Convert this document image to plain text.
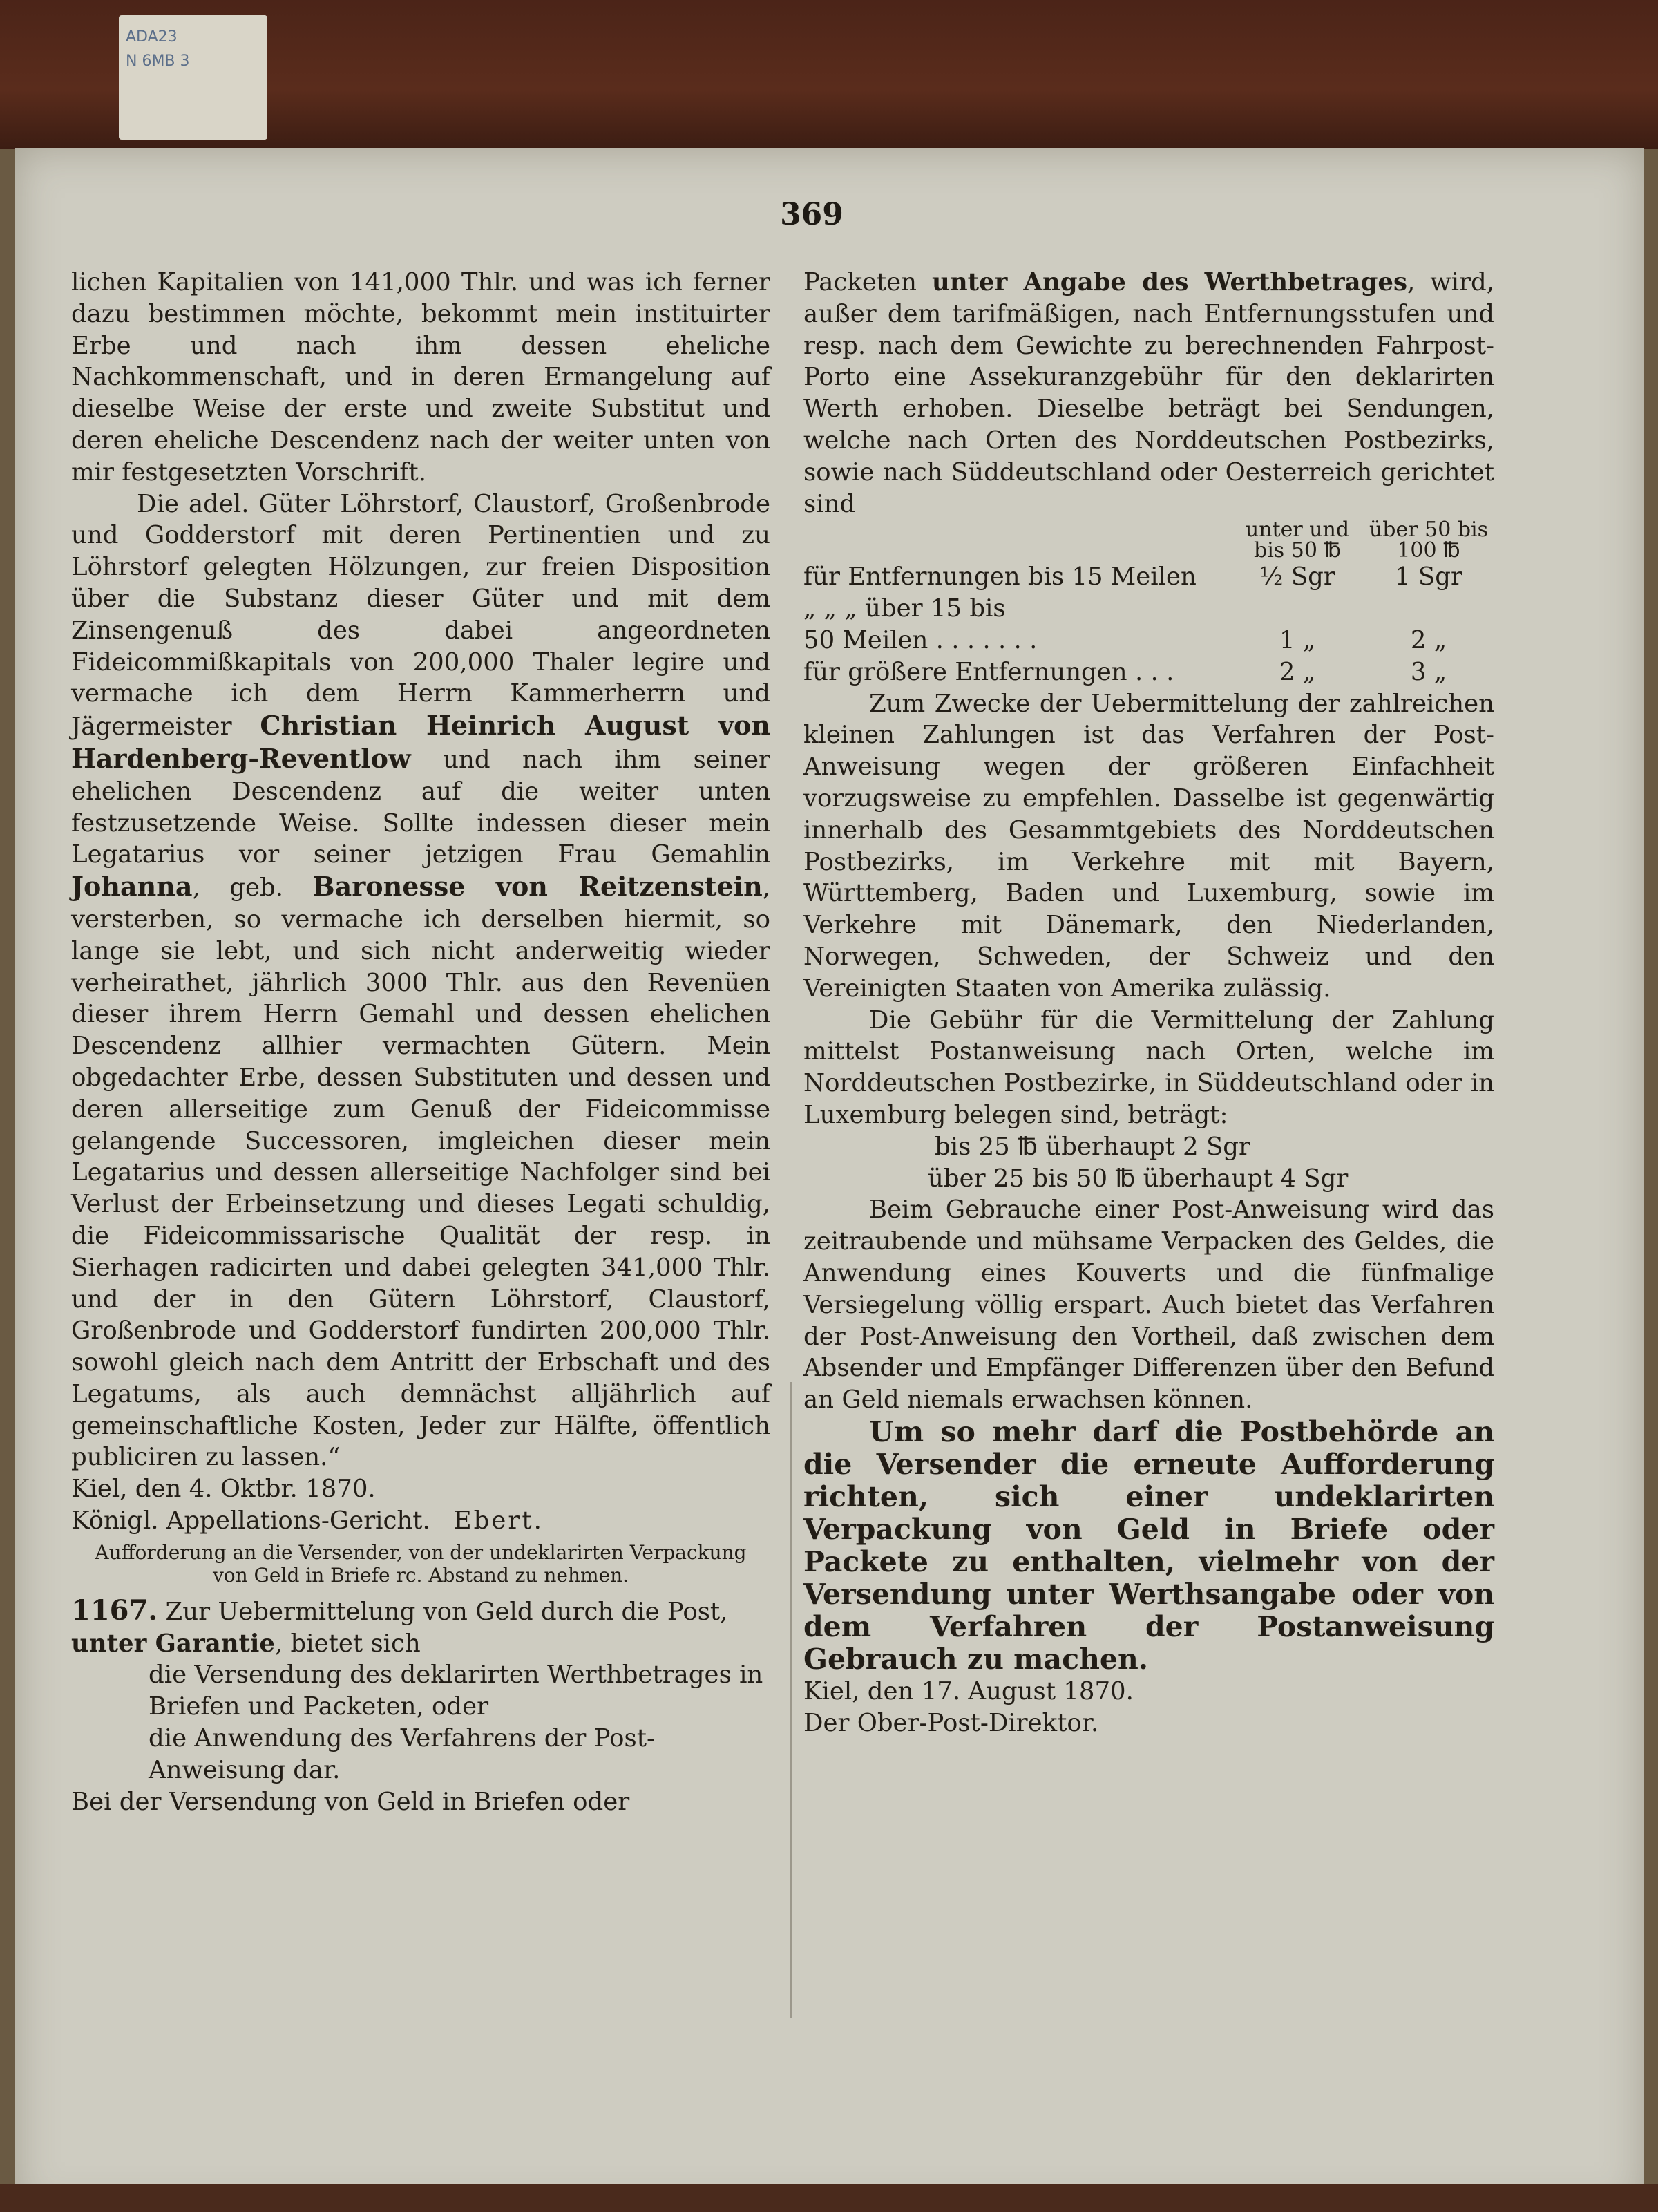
ADA23
N 6MB 3
369

lichen Kapitalien von 141,000 Thlr. und was ich ferner dazu bestimmen möchte, bekommt mein instituirter Erbe und nach ihm dessen eheliche Nachkommenschaft, und in deren Ermangelung auf dieselbe Weise der erste und zweite Substitut und deren eheliche Descendenz nach der weiter unten von mir festgesetzten Vorschrift.

Die adel. Güter Löhrstorf, Claustorf, Großenbrode und Godderstorf mit deren Pertinentien und zu Löhrstorf gelegten Hölzungen, zur freien Disposition über die Substanz dieser Güter und mit dem Zinsengenuß des dabei angeordneten Fideicommißkapitals von 200,000 Thaler legire und vermache ich dem Herrn Kammerherrn und Jägermeister Christian Heinrich August von Hardenberg-Reventlow und nach ihm seiner ehelichen Descendenz auf die weiter unten festzusetzende Weise. Sollte indessen dieser mein Legatarius vor seiner jetzigen Frau Gemahlin Johanna, geb. Baronesse von Reitzenstein, versterben, so vermache ich derselben hiermit, so lange sie lebt, und sich nicht anderweitig wieder verheirathet, jährlich 3000 Thlr. aus den Revenüen dieser ihrem Herrn Gemahl und dessen ehelichen Descendenz allhier vermachten Gütern. Mein obgedachter Erbe, dessen Substituten und dessen und deren allerseitige zum Genuß der Fideicommisse gelangende Successoren, imgleichen dieser mein Legatarius und dessen allerseitige Nachfolger sind bei Verlust der Erbeinsetzung und dieses Legati schuldig, die Fideicommissarische Qualität der resp. in Sierhagen radicirten und dabei gelegten 341,000 Thlr. und der in den Gütern Löhrstorf, Claustorf, Großenbrode und Godderstorf fundirten 200,000 Thlr. sowohl gleich nach dem Antritt der Erbschaft und des Legatums, als auch demnächst alljährlich auf gemeinschaftliche Kosten, Jeder zur Hälfte, öffentlich publiciren zu lassen.“

Kiel, den 4. Oktbr. 1870.

Königl. Appellations-Gericht. Ebert.

Aufforderung an die Versender, von der undeklarirten Verpackung von Geld in Briefe rc. Abstand zu nehmen.

1167. Zur Uebermittelung von Geld durch die Post, unter Garantie, bietet sich

die Versendung des deklarirten Werthbetrages in Briefen und Packeten, oder

die Anwendung des Verfahrens der Post-Anweisung dar.

Bei der Versendung von Geld in Briefen oder

Packeten unter Angabe des Werthbetrages, wird, außer dem tarifmäßigen, nach Entfernungsstufen und resp. nach dem Gewichte zu berechnenden Fahrpost-Porto eine Assekuranzgebühr für den deklarirten Werth erhoben. Dieselbe beträgt bei Sendungen, welche nach Orten des Norddeutschen Postbezirks, sowie nach Süddeutschland oder Oesterreich gerichtet sind

	unter und bis 50 ℔	über 50 bis 100 ℔
für Entfernungen bis 15 Meilen	½ Sgr	1 Sgr
„ „ „ über 15 bis		
50 Meilen . . . . . . .	1 „	2 „
für größere Entfernungen . . .	2 „	3 „

Zum Zwecke der Uebermittelung der zahlreichen kleinen Zahlungen ist das Verfahren der Post-Anweisung wegen der größeren Einfachheit vorzugsweise zu empfehlen. Dasselbe ist gegenwärtig innerhalb des Gesammtgebiets des Norddeutschen Postbezirks, im Verkehre mit mit Bayern, Württemberg, Baden und Luxemburg, sowie im Verkehre mit Dänemark, den Niederlanden, Norwegen, Schweden, der Schweiz und den Vereinigten Staaten von Amerika zulässig.

Die Gebühr für die Vermittelung der Zahlung mittelst Postanweisung nach Orten, welche im Norddeutschen Postbezirke, in Süddeutschland oder in Luxemburg belegen sind, beträgt:

bis 25 ℔ überhaupt 2 Sgr

über 25 bis 50 ℔ überhaupt 4 Sgr

Beim Gebrauche einer Post-Anweisung wird das zeitraubende und mühsame Verpacken des Geldes, die Anwendung eines Kouverts und die fünfmalige Versiegelung völlig erspart. Auch bietet das Verfahren der Post-Anweisung den Vortheil, daß zwischen dem Absender und Empfänger Differenzen über den Befund an Geld niemals erwachsen können.

Um so mehr darf die Postbehörde an die Versender die erneute Aufforderung richten, sich einer undeklarirten Verpackung von Geld in Briefe oder Packete zu enthalten, vielmehr von der Versendung unter Werthsangabe oder von dem Verfahren der Postanweisung Gebrauch zu machen.

Kiel, den 17. August 1870.

Der Ober-Post-Direktor.
